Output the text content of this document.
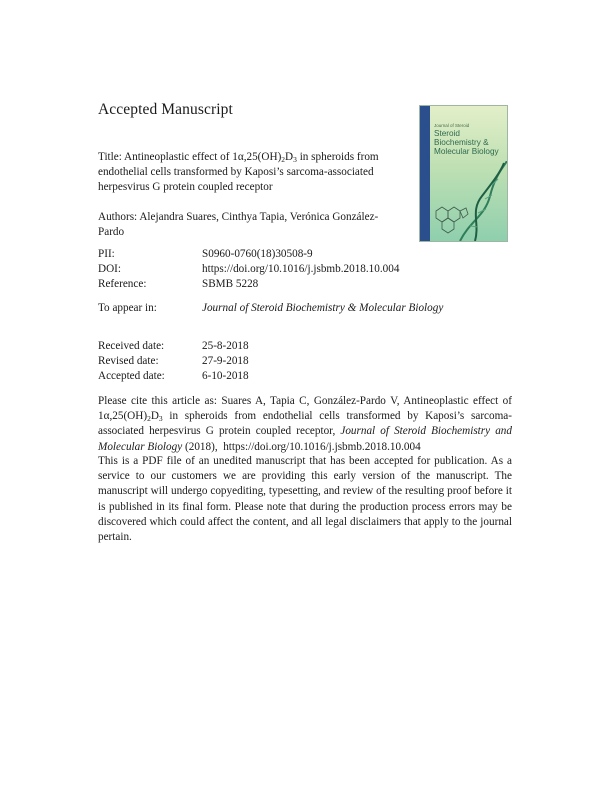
Accepted Manuscript
Journal of Steroid
Steroid Biochemistry & Molecular Biology
Title: Antineoplastic effect of $1\alpha,25(OH)_2D_3$ in spheroids from endothelial cells transformed by Kaposi’s sarcoma-associated herpesvirus G protein coupled receptor
Authors: Alejandra Suares, Cinthya Tapia, Verónica González-Pardo
PII:	S0960-0760(18)30508-9
DOI:	https://doi.org/10.1016/j.jsbmb.2018.10.004
Reference:	SBMB 5228
To appear in:	Journal of Steroid Biochemistry & Molecular Biology
Received date:	25-8-2018
Revised date:	27-9-2018
Accepted date:	6-10-2018
Please cite this article as: Suares A, Tapia C, González-Pardo V, Antineoplastic effect of $1\alpha,25(OH)_2D_3$ in spheroids from endothelial cells transformed by Kaposi’s sarcoma-associated herpesvirus G protein coupled receptor, Journal of Steroid Biochemistry and Molecular Biology (2018),  https://doi.org/10.1016/j.jsbmb.2018.10.004
This is a PDF file of an unedited manuscript that has been accepted for publication. As a service to our customers we are providing this early version of the manuscript. The manuscript will undergo copyediting, typesetting, and review of the resulting proof before it is published in its final form. Please note that during the production process errors may be discovered which could affect the content, and all legal disclaimers that apply to the journal pertain.
